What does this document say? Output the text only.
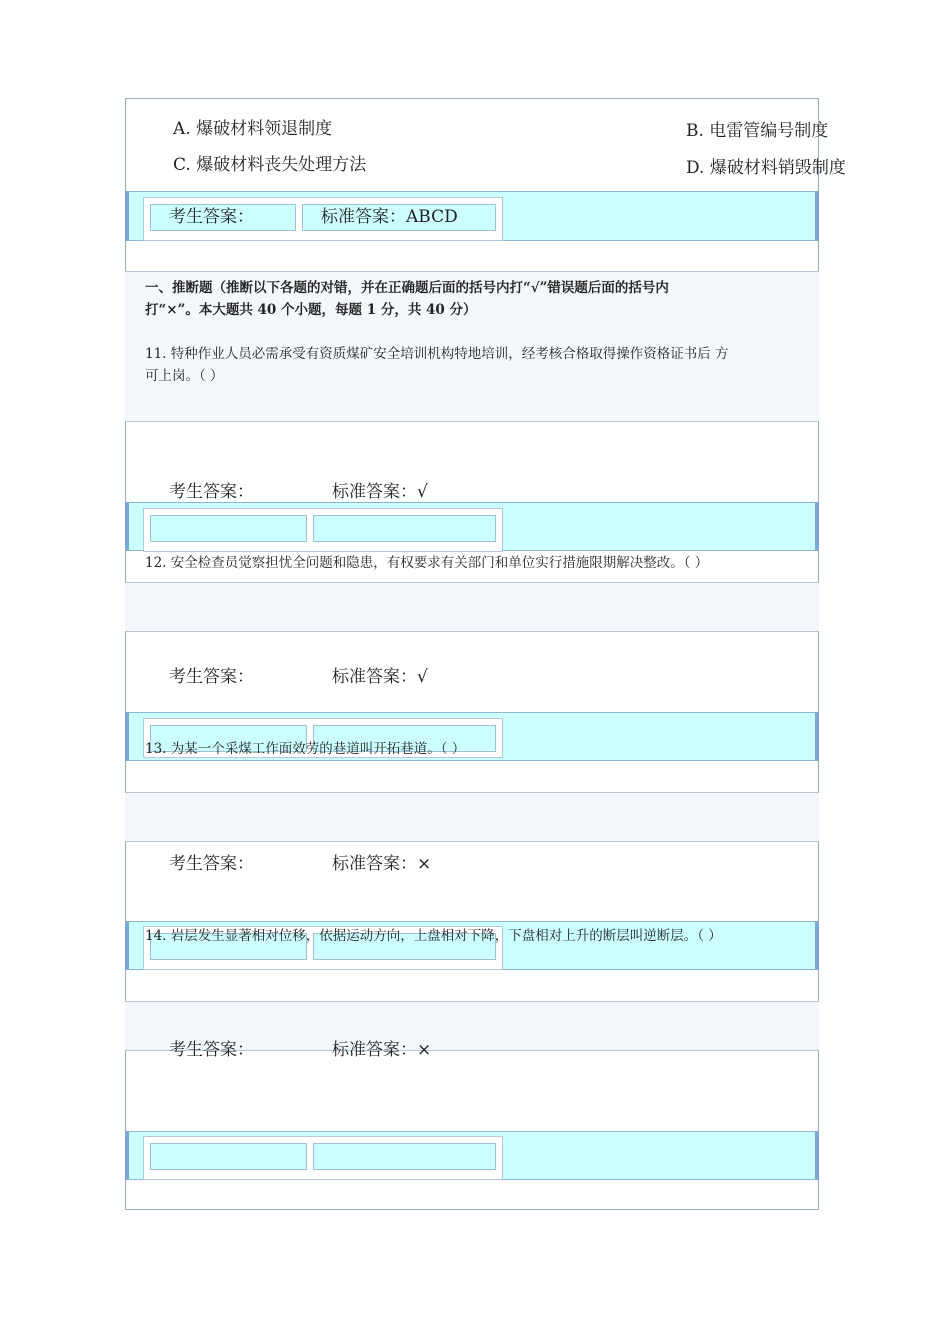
A. 爆破材料领退制度	B. 电雷管编号制度
C. 爆破材料丧失处理方法	D. 爆破材料销毁制度
考生答案：	标准答案：ABCD
一、推断题（推断以下各题的对错，并在正确题后面的括号内打“√”错误题后面的括号内
打“×”。本大题共 40 个小题，每题 1 分，共 40 分）
11. 特种作业人员必需承受有资质煤矿安全培训机构特地培训，经考核合格取得操作资格证书后 方
可上岗。（ ）
考生答案：	标准答案：√
12. 安全检查员觉察担忧全问题和隐患，有权要求有关部门和单位实行措施限期解决整改。（ ）
考生答案：	标准答案：√
13. 为某一个采煤工作面效劳的巷道叫开拓巷道。（ ）
考生答案：	标准答案：×
14. 岩层发生显著相对位移，依据运动方向，上盘相对下降，下盘相对上升的断层叫逆断层。（ ）
考生答案：	标准答案：×
